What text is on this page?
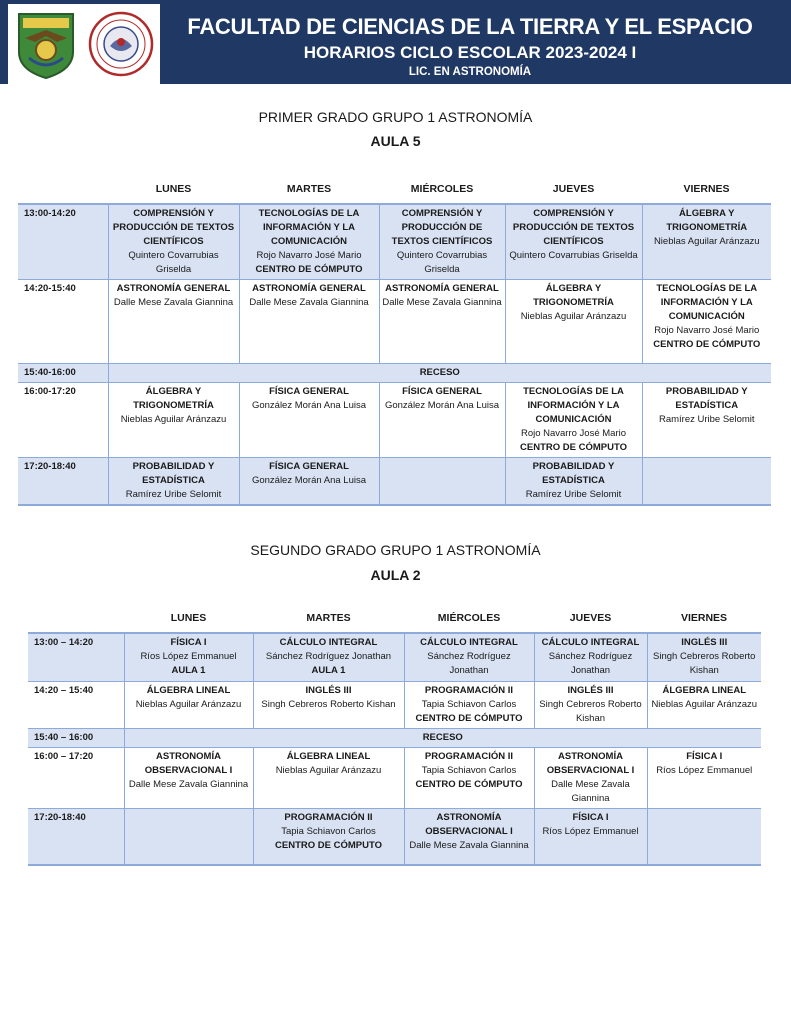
FACULTAD DE CIENCIAS DE LA TIERRA Y EL ESPACIO
HORARIOS CICLO ESCOLAR 2023-2024 I
LIC. EN ASTRONOMÍA
PRIMER GRADO GRUPO 1 ASTRONOMÍA
AULA 5
	LUNES	MARTES	MIÉRCOLES	JUEVES	VIERNES
13:00-14:20	COMPRENSIÓN Y PRODUCCIÓN DE TEXTOS CIENTÍFICOS
Quintero Covarrubias Griselda	TECNOLOGÍAS DE LA INFORMACIÓN Y LA COMUNICACIÓN
Rojo Navarro José Mario
CENTRO DE CÓMPUTO	COMPRENSIÓN Y PRODUCCIÓN DE TEXTOS CIENTÍFICOS
Quintero Covarrubias Griselda	COMPRENSIÓN Y PRODUCCIÓN DE TEXTOS CIENTÍFICOS
Quintero Covarrubias Griselda	ÁLGEBRA Y TRIGONOMETRÍA
Nieblas Aguilar Aránzazu

14:20-15:40	ASTRONOMÍA GENERAL
Dalle Mese Zavala Giannina	ASTRONOMÍA GENERAL
Dalle Mese Zavala Giannina	ASTRONOMÍA GENERAL
Dalle Mese Zavala Giannina	ÁLGEBRA Y TRIGONOMETRÍA
Nieblas Aguilar Aránzazu	TECNOLOGÍAS DE LA INFORMACIÓN Y LA COMUNICACIÓN
Rojo Navarro José Mario
CENTRO DE CÓMPUTO

15:40-16:00	RECESO				
16:00-17:20	ÁLGEBRA Y TRIGONOMETRÍA
Nieblas Aguilar Aránzazu	FÍSICA GENERAL
González Morán Ana Luisa	FÍSICA GENERAL
González Morán Ana Luisa	TECNOLOGÍAS DE LA INFORMACIÓN Y LA COMUNICACIÓN
Rojo Navarro José Mario
CENTRO DE CÓMPUTO	PROBABILIDAD Y ESTADÍSTICA
Ramírez Uribe Selomit

17:20-18:40	PROBABILIDAD Y ESTADÍSTICA
Ramírez Uribe Selomit	FÍSICA GENERAL
González Morán Ana Luisa		PROBABILIDAD Y ESTADÍSTICA
Ramírez Uribe Selomit	

SEGUNDO GRADO GRUPO 1 ASTRONOMÍA
AULA 2
	LUNES	MARTES	MIÉRCOLES	JUEVES	VIERNES
13:00 – 14:20	FÍSICA I
Ríos López Emmanuel
AULA 1	CÁLCULO INTEGRAL
Sánchez Rodríguez Jonathan
AULA 1	CÁLCULO INTEGRAL
Sánchez Rodríguez Jonathan	CÁLCULO INTEGRAL
Sánchez Rodríguez Jonathan	INGLÉS III
Singh Cebreros Roberto Kishan

14:20 – 15:40	ÁLGEBRA LINEAL
Nieblas Aguilar Aránzazu	INGLÉS III
Singh Cebreros Roberto Kishan	PROGRAMACIÓN II
Tapia Schiavon Carlos
CENTRO DE CÓMPUTO	INGLÉS III
Singh Cebreros Roberto Kishan	ÁLGEBRA LINEAL
Nieblas Aguilar Aránzazu

15:40 – 16:00	RECESO				
16:00 – 17:20	ASTRONOMÍA OBSERVACIONAL I
Dalle Mese Zavala Giannina	ÁLGEBRA LINEAL
Nieblas Aguilar Aránzazu	PROGRAMACIÓN II
Tapia Schiavon Carlos
CENTRO DE CÓMPUTO	ASTRONOMÍA OBSERVACIONAL I
Dalle Mese Zavala Giannina	FÍSICA I
Ríos López Emmanuel

17:20-18:40		PROGRAMACIÓN II
Tapia Schiavon Carlos
CENTRO DE CÓMPUTO	ASTRONOMÍA OBSERVACIONAL I
Dalle Mese Zavala Giannina	FÍSICA I
Ríos López Emmanuel	
